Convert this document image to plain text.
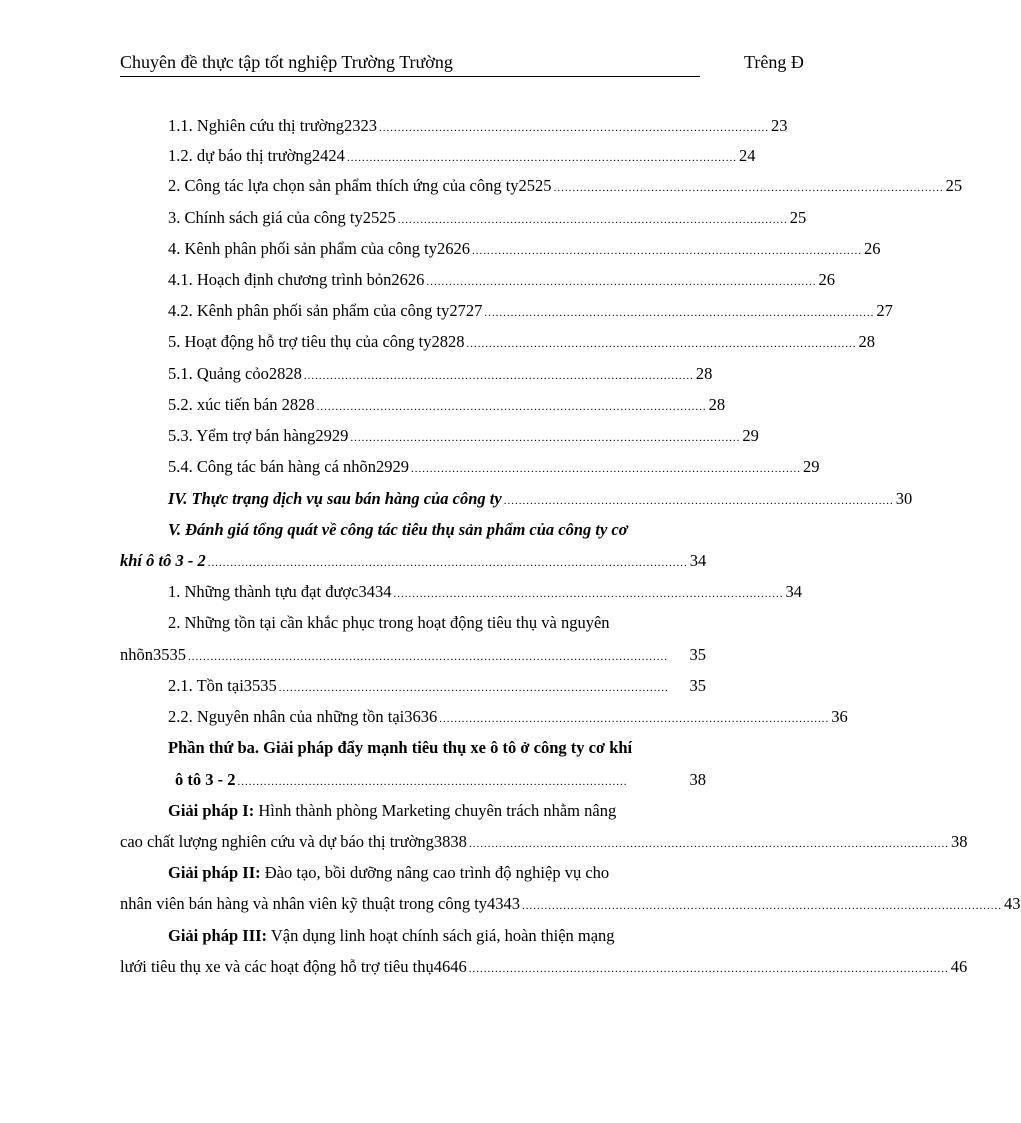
Chuyên đề thực tập tốt nghiệp Trường Trường	Trêng Đ
1.1. Nghiên cứu thị trường2323 ........................................................................................................ 23
1.2. dự báo thị trường2424 ........................................................................................................ 24
2. Công tác lựa chọn sản phẩm thích ứng của công ty2525 ........................................................................................................ 25
3. Chính sách giá của công ty2525 ........................................................................................................ 25
4. Kênh phân phối sản phẩm của công ty2626 ........................................................................................................ 26
4.1. Hoạch định chương trình bỏn2626 ........................................................................................................ 26
4.2. Kênh phân phối sản phẩm của công ty2727 ........................................................................................................ 27
5. Hoạt động hỗ trợ tiêu thụ của công ty2828 ........................................................................................................ 28
5.1. Quảng cỏo2828 ........................................................................................................ 28
5.2. xúc tiến bán 2828 ........................................................................................................ 28
5.3. Yểm trợ bán hàng2929 ........................................................................................................ 29
5.4. Công tác bán hàng cá nhõn2929 ........................................................................................................ 29
IV. Thực trạng dịch vụ sau bán hàng của công ty ........................................................................................................ 30
V. Đánh giá tổng quát về công tác tiêu thụ sản phẩm của công ty cơ
khí ô tô 3 - 2 ................................................................................................................................ 34
1. Những thành tựu đạt được3434 ........................................................................................................ 34
2. Những tồn tại cần khắc phục trong hoạt động tiêu thụ và nguyên
nhõn3535 ................................................................................................................................	35
2.1. Tồn tại3535 ........................................................................................................	35
2.2. Nguyên nhân của những tồn tại3636 ........................................................................................................ 36
Phần thứ ba. Giải pháp đẩy mạnh tiêu thụ xe ô tô ở công ty cơ khí
ô tô 3 - 2 ........................................................................................................	38
Giải pháp I: Hình thành phòng Marketing chuyên trách nhằm nâng
cao chất lượng nghiên cứu và dự báo thị trường3838 ................................................................................................................................ 38
Giải pháp II: Đào tạo, bồi dưỡng nâng cao trình độ nghiệp vụ cho
nhân viên bán hàng và nhân viên kỹ thuật trong công ty4343 ................................................................................................................................ 43
Giải pháp III: Vận dụng linh hoạt chính sách giá, hoàn thiện mạng
lưới tiêu thụ xe và các hoạt động hỗ trợ tiêu thụ4646 ................................................................................................................................ 46
